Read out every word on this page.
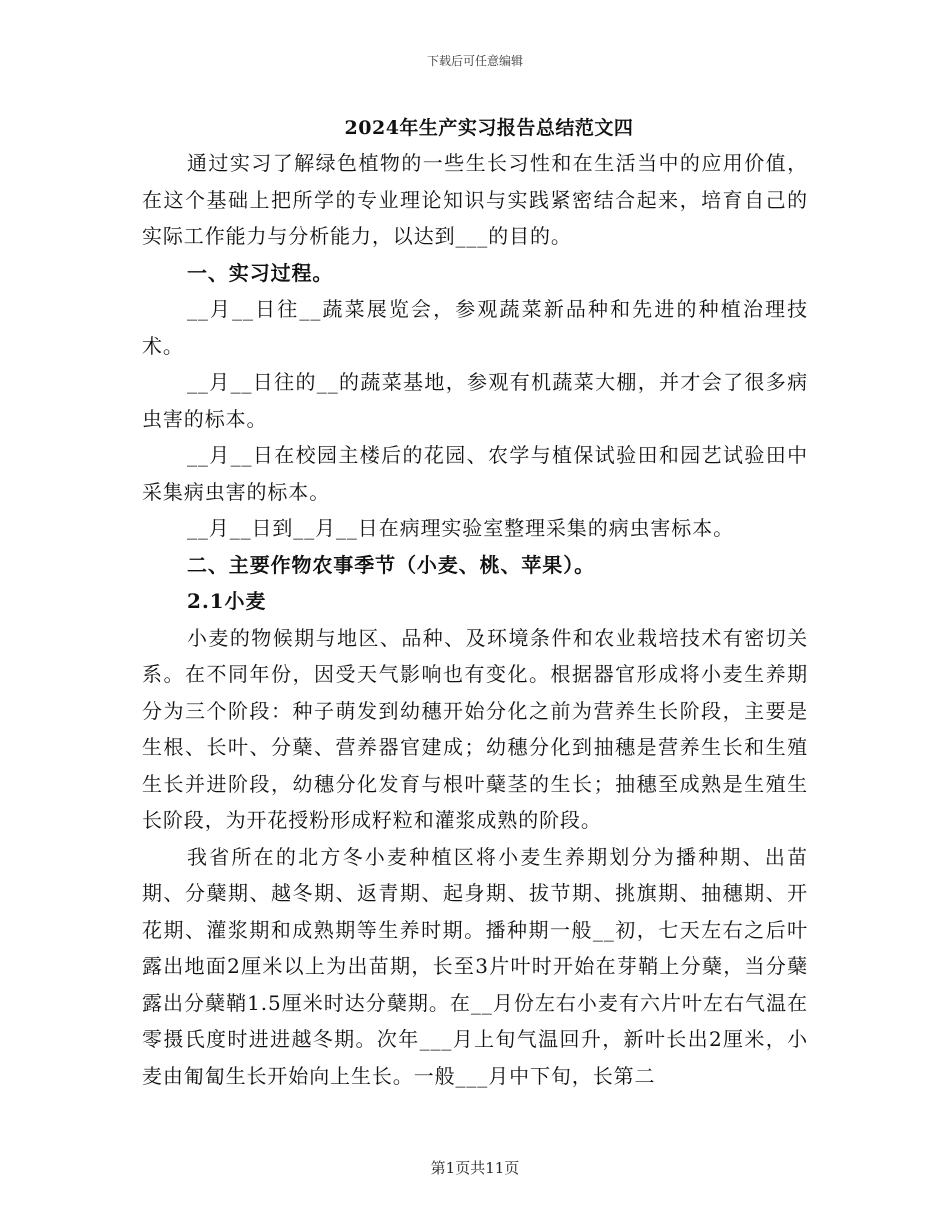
下载后可任意编辑
2024年生产实习报告总结范文四

通过实习了解绿色植物的一些生长习性和在生活当中的应用价值，在这个基础上把所学的专业理论知识与实践紧密结合起来，培育自己的实际工作能力与分析能力，以达到___的目的。

一、实习过程。

__月__日往__蔬菜展览会，参观蔬菜新品种和先进的种植治理技术。

__月__日往的__的蔬菜基地，参观有机蔬菜大棚，并才会了很多病虫害的标本。

__月__日在校园主楼后的花园、农学与植保试验田和园艺试验田中采集病虫害的标本。

__月__日到__月__日在病理实验室整理采集的病虫害标本。

二、主要作物农事季节（小麦、桃、苹果）。

2.1小麦

小麦的物候期与地区、品种、及环境条件和农业栽培技术有密切关系。在不同年份，因受天气影响也有变化。根据器官形成将小麦生养期分为三个阶段：种子萌发到幼穗开始分化之前为营养生长阶段，主要是生根、长叶、分蘖、营养器官建成；幼穗分化到抽穗是营养生长和生殖生长并进阶段，幼穗分化发育与根叶蘖茎的生长；抽穗至成熟是生殖生长阶段，为开花授粉形成籽粒和灌浆成熟的阶段。

我省所在的北方冬小麦种植区将小麦生养期划分为播种期、出苗期、分蘖期、越冬期、返青期、起身期、拔节期、挑旗期、抽穗期、开花期、灌浆期和成熟期等生养时期。播种期一般__初，七天左右之后叶露出地面2厘米以上为出苗期，长至3片叶时开始在芽鞘上分蘖，当分蘖露出分蘖鞘1.5厘米时达分蘖期。在__月份左右小麦有六片叶左右气温在零摄氏度时进进越冬期。次年___月上旬气温回升，新叶长出2厘米，小麦由匍匐生长开始向上生长。一般___月中下旬，长第二

第1页共11页
